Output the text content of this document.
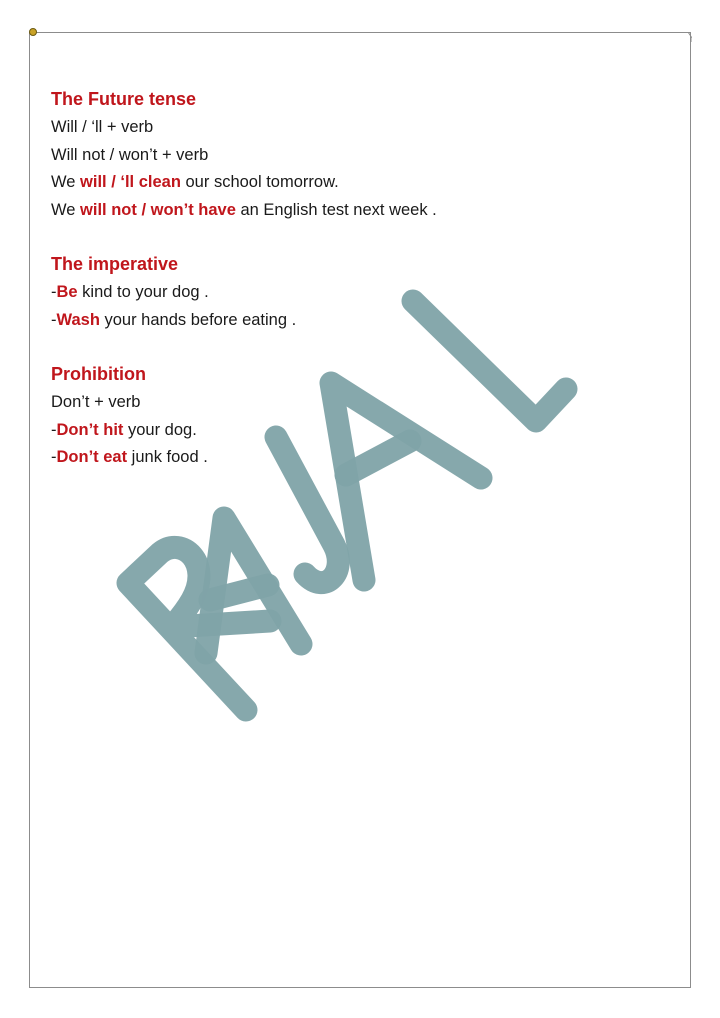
The Future tense

Will / ‘ll + verb

Will not / won’t + verb

We will / ‘ll clean our school tomorrow.

We will not / won’t have an English test next week .

The imperative

-Be kind to your dog .

-Wash your hands before eating .

Prohibition

Don’t + verb

-Don’t hit your dog.

-Don’t eat junk food .
